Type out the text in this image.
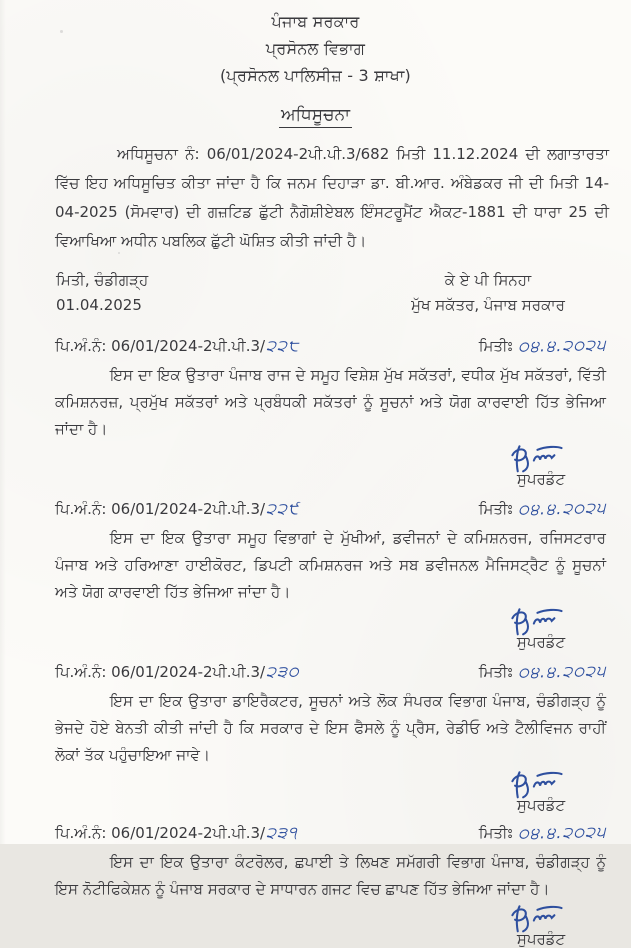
ਪੰਜਾਬ ਸਰਕਾਰ
ਪ੍ਰਸੋਨਲ ਵਿਭਾਗ
(ਪ੍ਰਸੋਨਲ ਪਾਲਿਸੀਜ਼ - 3 ਸ਼ਾਖਾ)
ਅਧਿਸੂਚਨਾ

ਅਧਿਸੂਚਨਾ ਨੰ: 06/01/2024-2ਪੀ.ਪੀ.3/682 ਮਿਤੀ 11.12.2024 ਦੀ ਲਗਾਤਾਰਤਾ ਵਿੱਚ ਇਹ ਅਧਿਸੂਚਿਤ ਕੀਤਾ ਜਾਂਦਾ ਹੈ ਕਿ ਜਨਮ ਦਿਹਾੜਾ ਡਾ. ਬੀ.ਆਰ. ਅੰਬੇਡਕਰ ਜੀ ਦੀ ਮਿਤੀ 14-04-2025 (ਸੋਮਵਾਰ) ਦੀ ਗਜ਼ਟਿਡ ਛੁੱਟੀ ਨੈਗੋਸ਼ੀਏਬਲ ਇੰਸਟਰੂਮੈਂਟ ਐਕਟ-1881 ਦੀ ਧਾਰਾ 25 ਦੀ ਵਿਆਖਿਆ ਅਧੀਨ ਪਬਲਿਕ ਛੁੱਟੀ ਘੋਸ਼ਿਤ ਕੀਤੀ ਜਾਂਦੀ ਹੈ।

ਮਿਤੀ, ਚੰਡੀਗੜ੍ਹ
01.04.2025
ਕੇ ਏ ਪੀ ਸਿਨਹਾ
ਮੁੱਖ ਸਕੱਤਰ, ਪੰਜਾਬ ਸਰਕਾਰ
ਪਿ.ਅੰ.ਨੰ: 06/01/2024-2ਪੀ.ਪੀ.3/੨੨੮	ਮਿਤੀਃ ੦੪.੪.੨੦੨੫

ਇਸ ਦਾ ਇਕ ਉਤਾਰਾ ਪੰਜਾਬ ਰਾਜ ਦੇ ਸਮੂਹ ਵਿਸ਼ੇਸ਼ ਮੁੱਖ ਸਕੱਤਰਾਂ, ਵਧੀਕ ਮੁੱਖ ਸਕੱਤਰਾਂ, ਵਿੱਤੀ ਕਮਿਸ਼ਨਰਜ਼, ਪ੍ਰਮੁੱਖ ਸਕੱਤਰਾਂ ਅਤੇ ਪ੍ਰਬੰਧਕੀ ਸਕੱਤਰਾਂ ਨੂੰ ਸੂਚਨਾਂ ਅਤੇ ਯੋਗ ਕਾਰਵਾਈ ਹਿੱਤ ਭੇਜਿਆ ਜਾਂਦਾ ਹੈ।

ਸੁਪਰਡੰਟ
ਪਿ.ਅੰ.ਨੰ: 06/01/2024-2ਪੀ.ਪੀ.3/੨੨੯	ਮਿਤੀਃ ੦੪.੪.੨੦੨੫

ਇਸ ਦਾ ਇਕ ਉਤਾਰਾ ਸਮੂਹ ਵਿਭਾਗਾਂ ਦੇ ਮੁੱਖੀਆਂ, ਡਵੀਜਨਾਂ ਦੇ ਕਮਿਸ਼ਨਰਜ, ਰਜਿਸਟਰਾਰ ਪੰਜਾਬ ਅਤੇ ਹਰਿਆਣਾ ਹਾਈਕੋਰਟ, ਡਿਪਟੀ ਕਮਿਸ਼ਨਰਜ ਅਤੇ ਸਬ ਡਵੀਜਨਲ ਮੈਜਿਸਟ੍ਰੈਟ ਨੂੰ ਸੂਚਨਾਂ ਅਤੇ ਯੋਗ ਕਾਰਵਾਈ ਹਿੱਤ ਭੇਜਿਆ ਜਾਂਦਾ ਹੈ।

ਸੁਪਰਡੰਟ
ਪਿ.ਅੰ.ਨੰ: 06/01/2024-2ਪੀ.ਪੀ.3/੨੩੦	ਮਿਤੀਃ ੦੪.੪.੨੦੨੫

ਇਸ ਦਾ ਇਕ ਉਤਾਰਾ ਡਾਇਰੈਕਟਰ, ਸੂਚਨਾਂ ਅਤੇ ਲੋਕ ਸੰਪਰਕ ਵਿਭਾਗ ਪੰਜਾਬ, ਚੰਡੀਗੜ੍ਹ ਨੂੰ ਭੇਜਦੇ ਹੋਏ ਬੇਨਤੀ ਕੀਤੀ ਜਾਂਦੀ ਹੈ ਕਿ ਸਰਕਾਰ ਦੇ ਇਸ ਫੈਸਲੇ ਨੂੰ ਪ੍ਰੈਸ, ਰੇਡੀਓ ਅਤੇ ਟੈਲੀਵਿਜਨ ਰਾਹੀਂ ਲੋਕਾਂ ਤੱਕ ਪਹੁੰਚਾਇਆ ਜਾਵੇ।

ਸੁਪਰਡੰਟ
ਪਿ.ਅੰ.ਨੰ: 06/01/2024-2ਪੀ.ਪੀ.3/੨੩੧	ਮਿਤੀਃ ੦੪.੪.੨੦੨੫

ਇਸ ਦਾ ਇਕ ਉਤਾਰਾ ਕੰਟਰੋਲਰ, ਛਪਾਈ ਤੇ ਲਿਖਣ ਸਮੱਗਰੀ ਵਿਭਾਗ ਪੰਜਾਬ, ਚੰਡੀਗੜ੍ਹ ਨੂੰ ਇਸ ਨੋਟੀਫਿਕੇਸ਼ਨ ਨੂੰ ਪੰਜਾਬ ਸਰਕਾਰ ਦੇ ਸਾਧਾਰਨ ਗਜਟ ਵਿਚ ਛਾਪਣ ਹਿੱਤ ਭੇਜਿਆ ਜਾਂਦਾ ਹੈ।

ਸੁਪਰਡੰਟ
